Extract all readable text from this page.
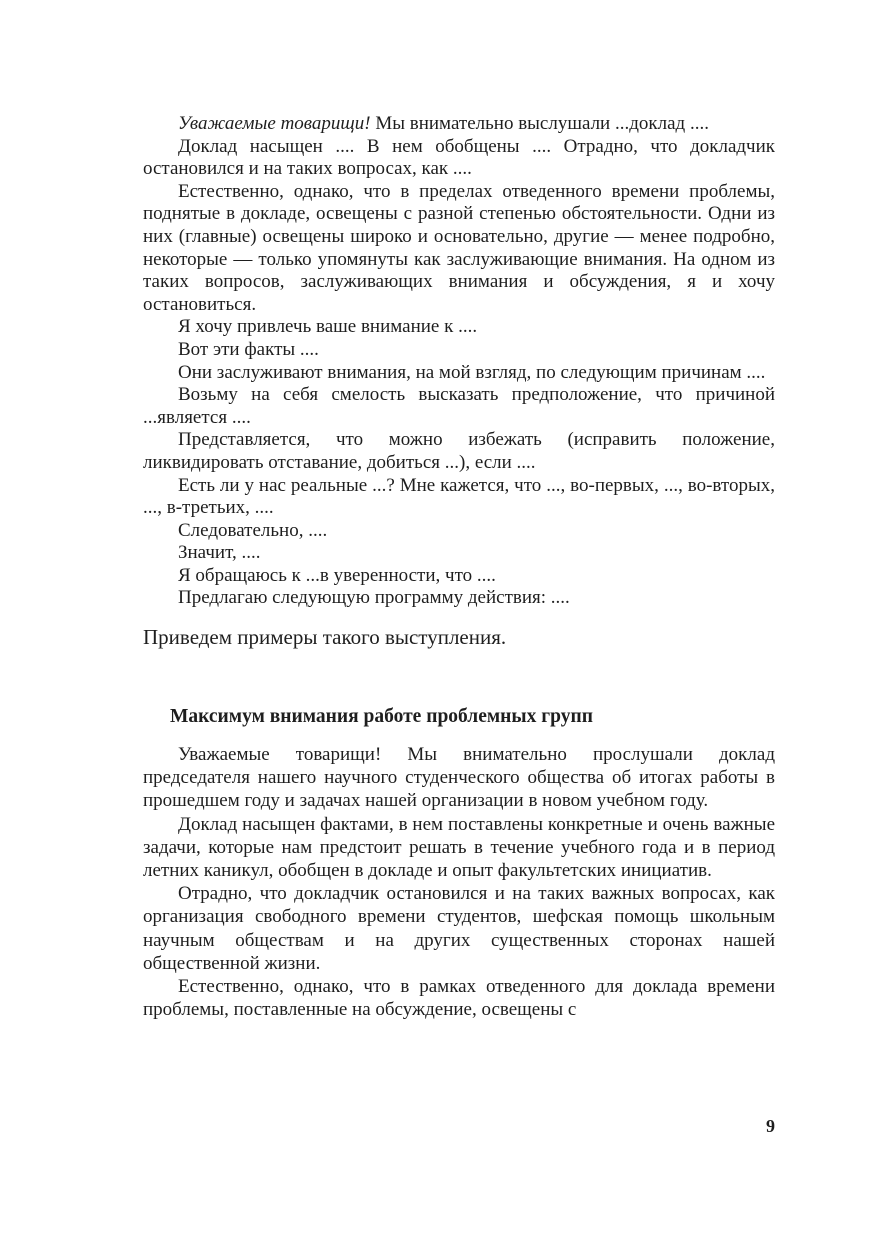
Уважаемые товарищи! Мы внимательно выслушали ...доклад ....

Доклад насыщен .... В нем обобщены .... Отрадно, что докладчик остановился и на таких вопросах, как ....

Естественно, однако, что в пределах отведенного времени проблемы, поднятые в докладе, освещены с разной степенью обстоятельности. Одни из них (главные) освещены широко и основательно, другие — менее подробно, некоторые — только упомянуты как заслуживающие внимания. На одном из таких вопросов, заслуживающих внимания и обсуждения, я и хочу остановиться.

Я хочу привлечь ваше внимание к ....

Вот эти факты ....

Они заслуживают внимания, на мой взгляд, по следующим причинам ....

Возьму на себя смелость высказать предположение, что причиной ...является ....

Представляется, что можно избежать (исправить положение, ликвидировать отставание, добиться ...), если ....

Есть ли у нас реальные ...? Мне кажется, что ..., во-первых, ..., во-вторых, ..., в-третьих, ....

Следовательно, ....

Значит, ....

Я обращаюсь к ...в уверенности, что ....

Предлагаю следующую программу действия: ....

Приведем примеры такого выступления.
Максимум внимания работе проблемных групп

Уважаемые товарищи! Мы внимательно прослушали доклад председателя нашего научного студенческого общества об итогах работы в прошедшем году и задачах нашей организации в новом учебном году.

Доклад насыщен фактами, в нем поставлены конкретные и очень важные задачи, которые нам предстоит решать в течение учебного года и в период летних каникул, обобщен в докладе и опыт факультетских инициатив.

Отрадно, что докладчик остановился и на таких важных вопросах, как организация свободного времени студентов, шефская помощь школьным научным обществам и на других существенных сторонах нашей общественной жизни.

Естественно, однако, что в рамках отведенного для доклада времени проблемы, поставленные на обсуждение, освещены с

9
